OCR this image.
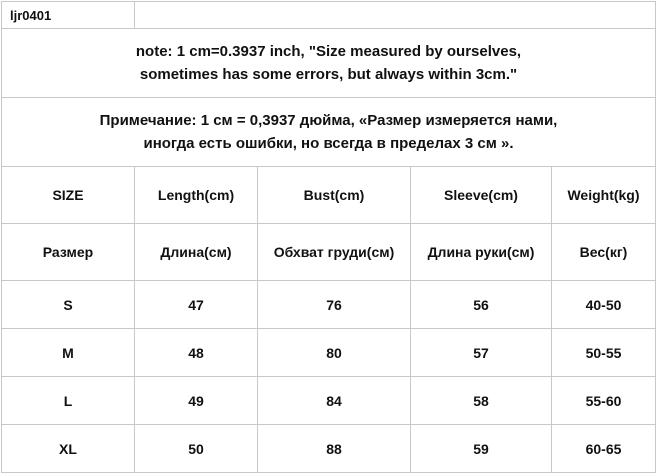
ljr0401				

note: 1 cm=0.3937 inch, "Size measured by ourselves,
sometimes has some errors, but always within 3cm."				

Примечание: 1 см = 0,3937 дюйма, «Размер измеряется нами,
иногда есть ошибки, но всегда в пределах 3 см ».				

SIZE	Length(cm)	Bust(cm)	Sleeve(cm)	Weight(kg)
Размер	Длина(см)	Обхват груди(см)	Длина руки(см)	Вес(кг)
S	47	76	56	40-50
M	48	80	57	50-55
L	49	84	58	55-60
XL	50	88	59	60-65
